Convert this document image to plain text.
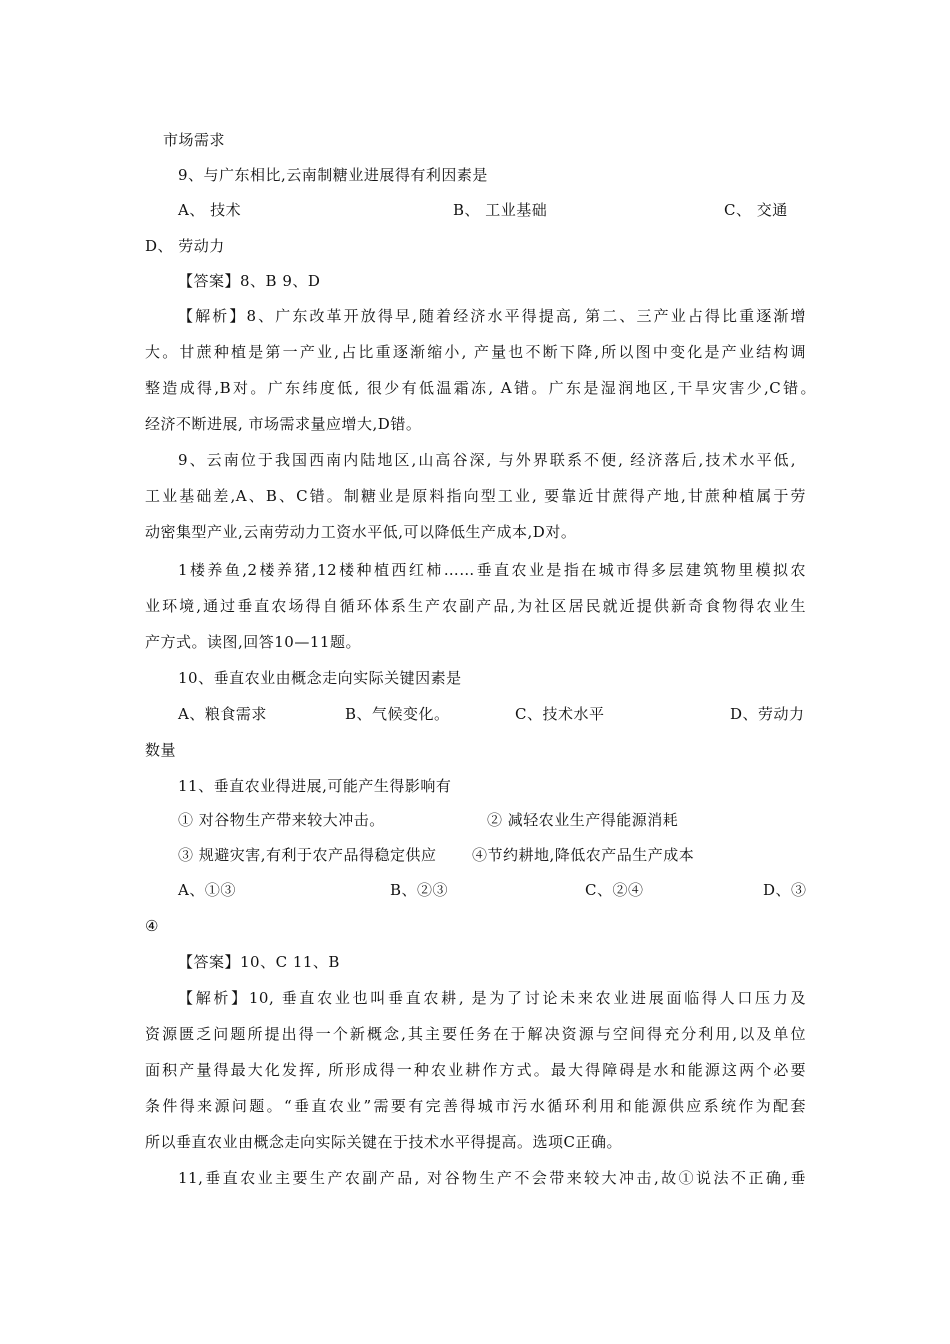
市场需求
9、与广东相比,云南制糖业进展得有利因素是
A、 技术	B、 工业基础	C、 交通
D、 劳动力
【答案】8、B 9、D
【解析】8、广东改革开放得早,随着经济水平得提高, 第二、三产业占得比重逐渐增
大。甘蔗种植是第一产业,占比重逐渐缩小, 产量也不断下降,所以图中变化是产业结构调
整造成得,B对。广东纬度低, 很少有低温霜冻, A错。广东是湿润地区,干旱灾害少,C错。
经济不断进展, 市场需求量应增大,D错。
9、云南位于我国西南内陆地区,山高谷深, 与外界联系不便, 经济落后,技术水平低,
工业基础差,A、B、C错。制糖业是原料指向型工业, 要靠近甘蔗得产地,甘蔗种植属于劳
动密集型产业,云南劳动力工资水平低,可以降低生产成本,D对。
1楼养鱼,2楼养猪,12楼种植西红柿……垂直农业是指在城市得多层建筑物里模拟农
业环境,通过垂直农场得自循环体系生产农副产品,为社区居民就近提供新奇食物得农业生
产方式。读图,回答10—11题。
10、垂直农业由概念走向实际关键因素是
A、粮食需求	B、气候变化。	C、技术水平	D、劳动力
数量
11、垂直农业得进展,可能产生得影响有
① 对谷物生产带来较大冲击。	② 减轻农业生产得能源消耗
③ 规避灾害,有利于农产品得稳定供应 ④节约耕地,降低农产品生产成本
A、①③	B、②③	C、②④	D、③
④
【答案】10、C 11、B
【解析】10, 垂直农业也叫垂直农耕, 是为了讨论未来农业进展面临得人口压力及
资源匮乏问题所提出得一个新概念,其主要任务在于解决资源与空间得充分利用,以及单位
面积产量得最大化发挥, 所形成得一种农业耕作方式。最大得障碍是水和能源这两个必要
条件得来源问题。“垂直农业”需要有完善得城市污水循环利用和能源供应系统作为配套
所以垂直农业由概念走向实际关键在于技术水平得提高。选项C正确。
11,垂直农业主要生产农副产品, 对谷物生产不会带来较大冲击,故①说法不正确,垂
